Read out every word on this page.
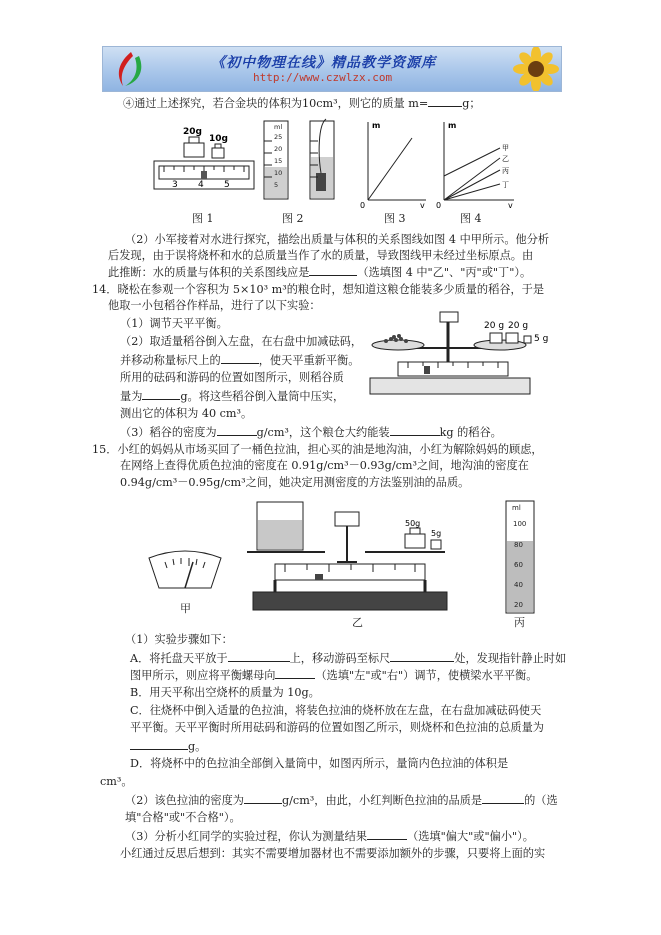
《初中物理在线》精品教学资源库
http://www.czwlzx.com
④通过上述探究，若合金块的体积为10cm³，则它的质量 m=	g；
20g
10g
3 4 5
图 1
ml
25
20
15
10
5
图 2
m
v
0
图 3
甲
乙
丙
丁
m
v
0
图 4
（2）小军接着对水进行探究，描绘出质量与体积的关系图线如图 4 中甲所示。他分析
后发现，由于误将烧杯和水的总质量当作了水的质量，导致图线甲未经过坐标原点。由
此推断：水的质量与体积的关系图线应是	（选填图 4 中"乙"、"丙"或"丁"）。
14．晓松在参观一个容积为 5×10³ m³的粮仓时，想知道这粮仓能装多少质量的稻谷，于是
他取一小包稻谷作样品，进行了以下实验：
（1）调节天平平衡。
（2）取适量稻谷倒入左盘，在右盘中加减砝码，
并移动称量标尺上的	，使天平重新平衡。
所用的砝码和游码的位置如图所示，则稻谷质
量为	g。将这些稻谷倒入量筒中压实，
测出它的体积为 40 cm³。
（3）稻谷的密度为	g/cm³，这个粮仓大约能装	kg 的稻谷。
20 g 20 g
5 g
15．小红的妈妈从市场买回了一桶色拉油，担心买的油是地沟油，小红为解除妈妈的顾虑，
在网络上查得优质色拉油的密度在 0.91g/cm³－0.93g/cm³之间，地沟油的密度在
0.94g/cm³－0.95g/cm³之间，她决定用测密度的方法鉴别油的品质。
甲
50g
5g
乙
ml
100
80
60
40
20
丙
（1）实验步骤如下：
A．将托盘天平放于	上，移动游码至标尺	处，发现指针静止时如
图甲所示，则应将平衡螺母向	（选填"左"或"右"）调节，使横梁水平平衡。
B．用天平称出空烧杯的质量为 10g。
C．往烧杯中倒入适量的色拉油，将装色拉油的烧杯放在左盘，在右盘加减砝码使天
平平衡。天平平衡时所用砝码和游码的位置如图乙所示，则烧杯和色拉油的总质量为
g。
D．将烧杯中的色拉油全部倒入量筒中，如图丙所示，量筒内色拉油的体积是
cm³。
（2）该色拉油的密度为	g/cm³，由此，小红判断色拉油的品质是	的（选
填"合格"或"不合格"）。
（3）分析小红同学的实验过程，你认为测量结果	（选填"偏大"或"偏小"）。
小红通过反思后想到：其实不需要增加器材也不需要添加额外的步骤，只要将上面的实
